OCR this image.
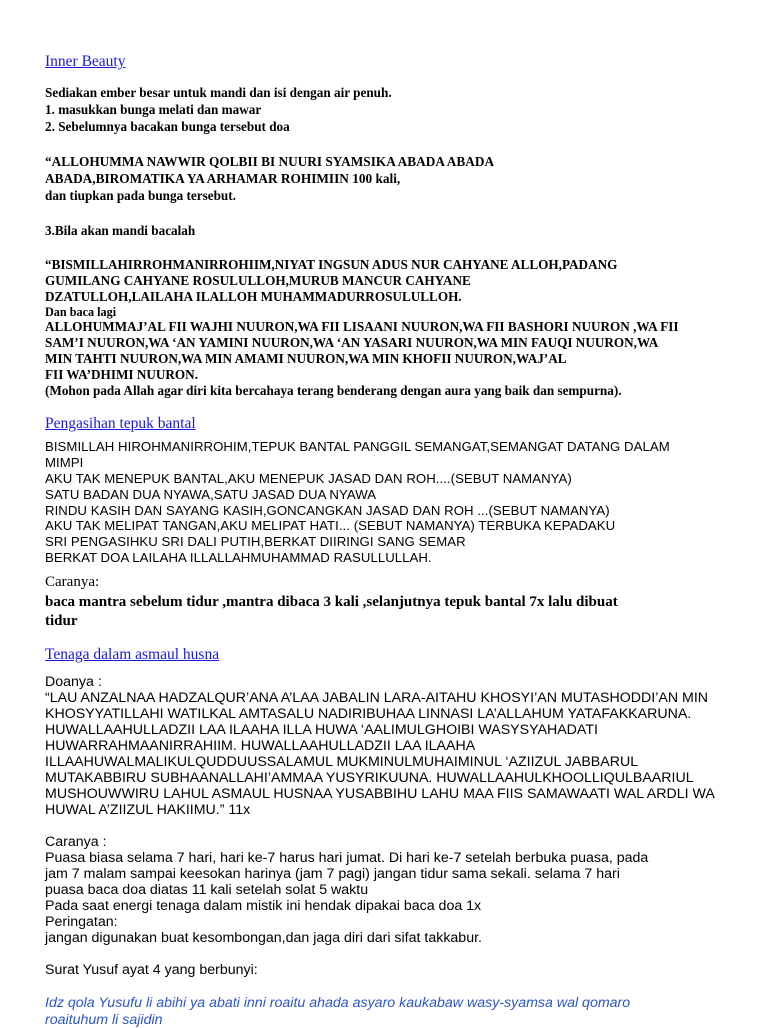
Inner Beauty
Sediakan ember besar untuk mandi dan isi dengan air penuh.
1. masukkan bunga melati dan mawar
2. Sebelumnya bacakan bunga tersebut doa
“ALLOHUMMA NAWWIR QOLBII BI NUURI SYAMSIKA ABADA ABADA
ABADA,BIROMATIKA YA ARHAMAR ROHIMIIN 100 kali,
dan tiupkan pada bunga tersebut.
3.Bila akan mandi bacalah
“BISMILLAHIRROHMANIRROHIIM,NIYAT INGSUN ADUS NUR CAHYANE ALLOH,PADANG
GUMILANG CAHYANE ROSULULLOH,MURUB MANCUR CAHYANE
DZATULLOH,LAILAHA ILALLOH MUHAMMADURROSULULLOH.
Dan baca lagi
ALLOHUMMAJ’AL FII WAJHI NUURON,WA FII LISAANI NUURON,WA FII BASHORI NUURON ,WA FII
SAM’I NUURON,WA ‘AN YAMINI NUURON,WA ‘AN YASARI NUURON,WA MIN FAUQI NUURON,WA
MIN TAHTI NUURON,WA MIN AMAMI NUURON,WA MIN KHOFII NUURON,WAJ’AL
FII WA’DHIMI NUURON.
(Mohon pada Allah agar diri kita bercahaya terang benderang dengan aura yang baik dan sempurna).
Pengasihan tepuk bantal
BISMILLAH HIROHMANIRROHIM,TEPUK BANTAL PANGGIL SEMANGAT,SEMANGAT DATANG DALAM
MIMPI
AKU TAK MENEPUK BANTAL,AKU MENEPUK JASAD DAN ROH....(SEBUT NAMANYA)
SATU BADAN DUA NYAWA,SATU JASAD DUA NYAWA
RINDU KASIH DAN SAYANG KASIH,GONCANGKAN JASAD DAN ROH ...(SEBUT NAMANYA)
AKU TAK MELIPAT TANGAN,AKU MELIPAT HATI... (SEBUT NAMANYA) TERBUKA KEPADAKU
SRI PENGASIHKU SRI DALI PUTIH,BERKAT DIIRINGI SANG SEMAR
BERKAT DOA LAILAHA ILLALLAHMUHAMMAD RASULLULLAH.
Caranya:
baca mantra sebelum tidur ,mantra dibaca 3 kali ,selanjutnya tepuk bantal 7x lalu dibuat
tidur
Tenaga dalam asmaul husna
Doanya :
“LAU ANZALNAA HADZALQUR’ANA A’LAA JABALIN LARA-AITAHU KHOSYI’AN MUTASHODDI’AN MIN
KHOSYYATILLAHI WATILKAL AMTASALU NADIRIBUHAA LINNASI LA’ALLAHUM YATAFAKKARUNA.
HUWALLAAHULLADZII LAA ILAAHA ILLA HUWA ‘AALIMULGHOIBI WASYSYAHADATI
HUWARRAHMAANIRRAHIIM. HUWALLAAHULLADZII LAA ILAAHA
ILLAAHUWALMALIKULQUDDUUSSALAMUL MUKMINULMUHAIMINUL ‘AZIIZUL JABBARUL
MUTAKABBIRU SUBHAANALLAHI’AMMAA YUSYRIKUUNA. HUWALLAAHULKHOOLLIQULBAARIUL
MUSHOUWWIRU LAHUL ASMAUL HUSNAA YUSABBIHU LAHU MAA FIIS SAMAWAATI WAL ARDLI WA
HUWAL A’ZIIZUL HAKIIMU.” 11x
Caranya :
Puasa biasa selama 7 hari, hari ke-7 harus hari jumat. Di hari ke-7 setelah berbuka puasa, pada
jam 7 malam sampai keesokan harinya (jam 7 pagi) jangan tidur sama sekali. selama 7 hari
puasa baca doa diatas 11 kali setelah solat 5 waktu
Pada saat energi tenaga dalam mistik ini hendak dipakai baca doa 1x
Peringatan:
jangan digunakan buat kesombongan,dan jaga diri dari sifat takkabur.
Surat Yusuf ayat 4 yang berbunyi:
Idz qola Yusufu li abihi ya abati inni roaitu ahada asyaro kaukabaw wasy-syamsa wal qomaro
roaituhum li sajidin
